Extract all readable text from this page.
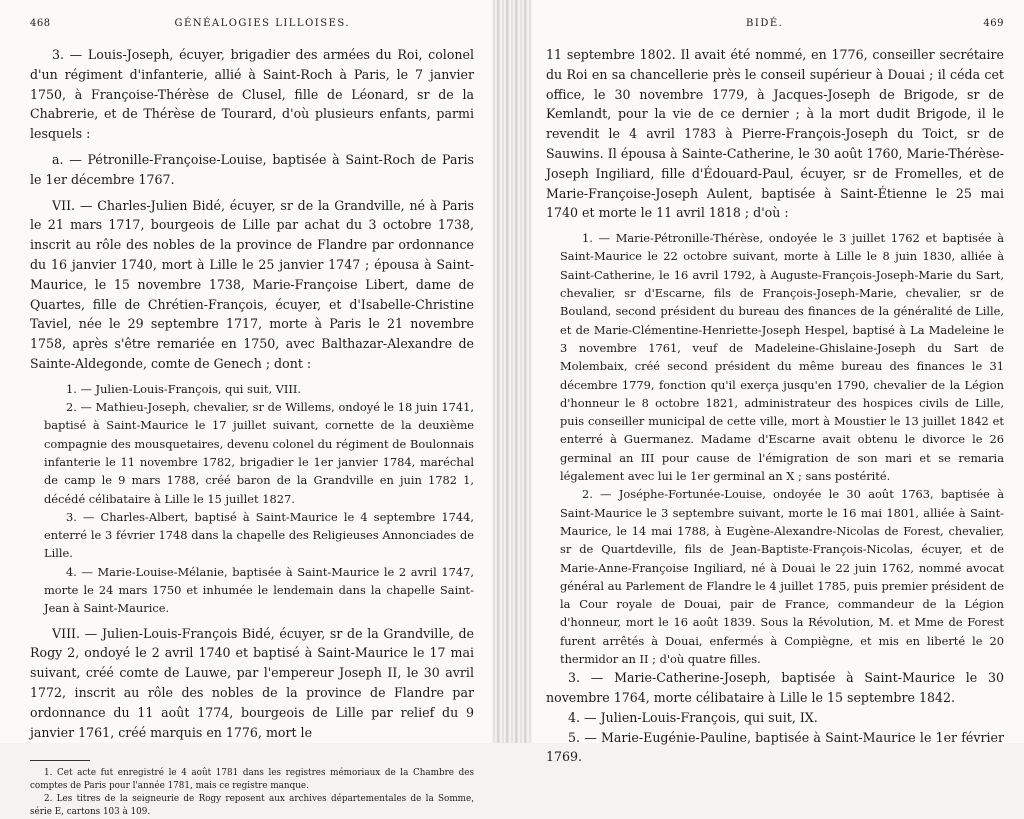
468	GÉNÉALOGIES LILLOISES.

3. — Louis-Joseph, écuyer, brigadier des armées du Roi, colonel d'un régiment d'infanterie, allié à Saint-Roch à Paris, le 7 janvier 1750, à Françoise-Thérèse de Clusel, fille de Léonard, sr de la Chabrerie, et de Thérèse de Tourard, d'où plusieurs enfants, parmi lesquels :

a. — Pétronille-Françoise-Louise, baptisée à Saint-Roch de Paris le 1er décembre 1767.

VII. — Charles-Julien Bidé, écuyer, sr de la Grandville, né à Paris le 21 mars 1717, bourgeois de Lille par achat du 3 octobre 1738, inscrit au rôle des nobles de la province de Flandre par ordonnance du 16 janvier 1740, mort à Lille le 25 janvier 1747 ; épousa à Saint-Maurice, le 15 novembre 1738, Marie-Françoise Libert, dame de Quartes, fille de Chrétien-François, écuyer, et d'Isabelle-Christine Taviel, née le 29 septembre 1717, morte à Paris le 21 novembre 1758, après s'être remariée en 1750, avec Balthazar-Alexandre de Sainte-Aldegonde, comte de Genech ; dont :

1. — Julien-Louis-François, qui suit, VIII.

2. — Mathieu-Joseph, chevalier, sr de Willems, ondoyé le 18 juin 1741, baptisé à Saint-Maurice le 17 juillet suivant, cornette de la deuxième compagnie des mousquetaires, devenu colonel du régiment de Boulonnais infanterie le 11 novembre 1782, brigadier le 1er janvier 1784, maréchal de camp le 9 mars 1788, créé baron de la Grandville en juin 1782 1, décédé célibataire à Lille le 15 juillet 1827.

3. — Charles-Albert, baptisé à Saint-Maurice le 4 septembre 1744, enterré le 3 février 1748 dans la chapelle des Religieuses Annonciades de Lille.

4. — Marie-Louise-Mélanie, baptisée à Saint-Maurice le 2 avril 1747, morte le 24 mars 1750 et inhumée le lendemain dans la chapelle Saint-Jean à Saint-Maurice.

VIII. — Julien-Louis-François Bidé, écuyer, sr de la Grandville, de Rogy 2, ondoyé le 2 avril 1740 et baptisé à Saint-Maurice le 17 mai suivant, créé comte de Lauwe, par l'empereur Joseph II, le 30 avril 1772, inscrit au rôle des nobles de la province de Flandre par ordonnance du 11 août 1774, bourgeois de Lille par relief du 9 janvier 1761, créé marquis en 1776, mort le

1. Cet acte fut enregistré le 4 août 1781 dans les registres mémoriaux de la Chambre des comptes de Paris pour l'année 1781, mais ce registre manque.

2. Les titres de la seigneurie de Rogy reposent aux archives départementales de la Somme, série E, cartons 103 à 109.

BIDÉ.	469

11 septembre 1802. Il avait été nommé, en 1776, conseiller secrétaire du Roi en sa chancellerie près le conseil supérieur à Douai ; il céda cet office, le 30 novembre 1779, à Jacques-Joseph de Brigode, sr de Kemlandt, pour la vie de ce dernier ; à la mort dudit Brigode, il le revendit le 4 avril 1783 à Pierre-François-Joseph du Toict, sr de Sauwins. Il épousa à Sainte-Catherine, le 30 août 1760, Marie-Thérèse-Joseph Ingiliard, fille d'Édouard-Paul, écuyer, sr de Fromelles, et de Marie-Françoise-Joseph Aulent, baptisée à Saint-Étienne le 25 mai 1740 et morte le 11 avril 1818 ; d'où :

1. — Marie-Pétronille-Thérèse, ondoyée le 3 juillet 1762 et baptisée à Saint-Maurice le 22 octobre suivant, morte à Lille le 8 juin 1830, alliée à Saint-Catherine, le 16 avril 1792, à Auguste-François-Joseph-Marie du Sart, chevalier, sr d'Escarne, fils de François-Joseph-Marie, chevalier, sr de Bouland, second président du bureau des finances de la généralité de Lille, et de Marie-Clémentine-Henriette-Joseph Hespel, baptisé à La Madeleine le 3 novembre 1761, veuf de Madeleine-Ghislaine-Joseph du Sart de Molembaix, créé second président du même bureau des finances le 31 décembre 1779, fonction qu'il exerça jusqu'en 1790, chevalier de la Légion d'honneur le 8 octobre 1821, administrateur des hospices civils de Lille, puis conseiller municipal de cette ville, mort à Moustier le 13 juillet 1842 et enterré à Guermanez. Madame d'Escarne avait obtenu le divorce le 26 germinal an III pour cause de l'émigration de son mari et se remaria légalement avec lui le 1er germinal an X ; sans postérité.

2. — Joséphe-Fortunée-Louise, ondoyée le 30 août 1763, baptisée à Saint-Maurice le 3 septembre suivant, morte le 16 mai 1801, alliée à Saint-Maurice, le 14 mai 1788, à Eugène-Alexandre-Nicolas de Forest, chevalier, sr de Quartdeville, fils de Jean-Baptiste-François-Nicolas, écuyer, et de Marie-Anne-Françoise Ingiliard, né à Douai le 22 juin 1762, nommé avocat général au Parlement de Flandre le 4 juillet 1785, puis premier président de la Cour royale de Douai, pair de France, commandeur de la Légion d'honneur, mort le 16 août 1839. Sous la Révolution, M. et Mme de Forest furent arrêtés à Douai, enfermés à Compiègne, et mis en liberté le 20 thermidor an II ; d'où quatre filles.

3. — Marie-Catherine-Joseph, baptisée à Saint-Maurice le 30 novembre 1764, morte célibataire à Lille le 15 septembre 1842.

4. — Julien-Louis-François, qui suit, IX.

5. — Marie-Eugénie-Pauline, baptisée à Saint-Maurice le 1er février 1769.
